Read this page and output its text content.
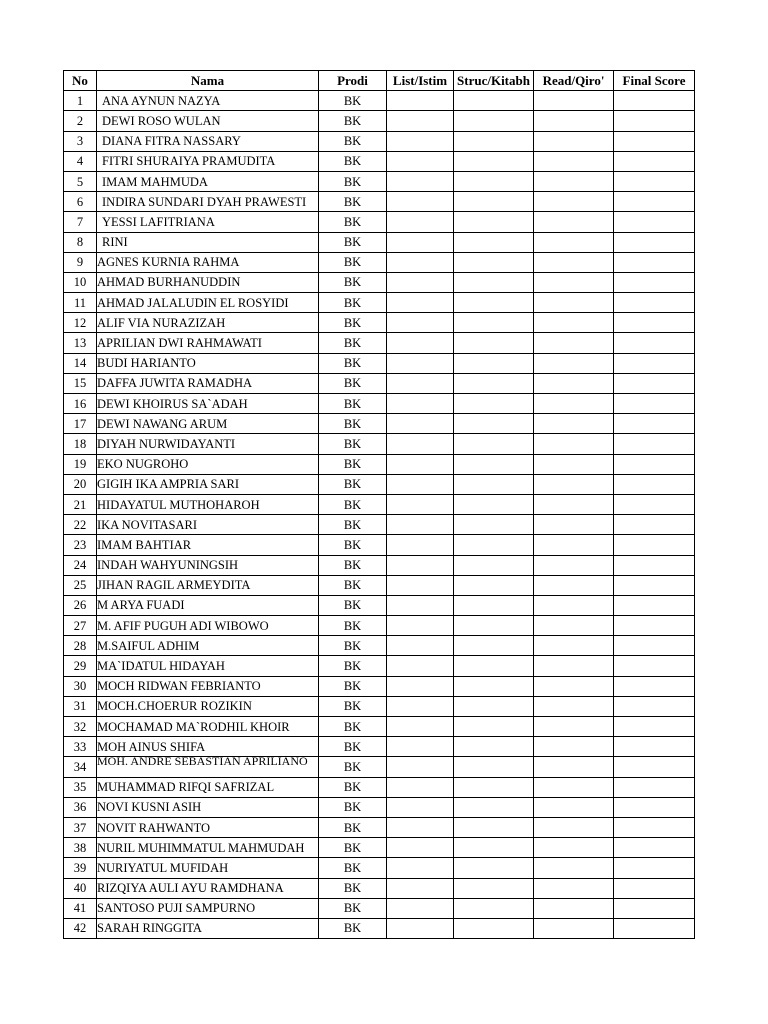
No	Nama	Prodi	List/Istim	Struc/Kitabh	Read/Qiro'	Final Score
1	ANA AYNUN NAZYA	BK				
2	DEWI ROSO WULAN	BK				
3	DIANA FITRA NASSARY	BK				
4	FITRI SHURAIYA PRAMUDITA	BK				
5	IMAM MAHMUDA	BK				
6	INDIRA SUNDARI DYAH PRAWESTI	BK				
7	YESSI LAFITRIANA	BK				
8	RINI	BK				
9	AGNES KURNIA RAHMA	BK				
10	AHMAD BURHANUDDIN	BK				
11	AHMAD JALALUDIN EL ROSYIDI	BK				
12	ALIF VIA NURAZIZAH	BK				
13	APRILIAN DWI RAHMAWATI	BK				
14	BUDI HARIANTO	BK				
15	DAFFA JUWITA RAMADHA	BK				
16	DEWI KHOIRUS SA`ADAH	BK				
17	DEWI NAWANG ARUM	BK				
18	DIYAH NURWIDAYANTI	BK				
19	EKO NUGROHO	BK				
20	GIGIH IKA AMPRIA SARI	BK				
21	HIDAYATUL MUTHOHAROH	BK				
22	IKA NOVITASARI	BK				
23	IMAM BAHTIAR	BK				
24	INDAH WAHYUNINGSIH	BK				
25	JIHAN RAGIL ARMEYDITA	BK				
26	M ARYA FUADI	BK				
27	M. AFIF PUGUH ADI WIBOWO	BK				
28	M.SAIFUL ADHIM	BK				
29	MA`IDATUL HIDAYAH	BK				
30	MOCH RIDWAN FEBRIANTO	BK				
31	MOCH.CHOERUR ROZIKIN	BK				
32	MOCHAMAD MA`RODHIL KHOIR	BK				
33	MOH AINUS SHIFA	BK				
34	MOH. ANDRE SEBASTIAN APRILIANO	BK				
35	MUHAMMAD RIFQI SAFRIZAL	BK				
36	NOVI KUSNI ASIH	BK				
37	NOVIT RAHWANTO	BK				
38	NURIL MUHIMMATUL MAHMUDAH	BK				
39	NURIYATUL MUFIDAH	BK				
40	RIZQIYA AULI AYU RAMDHANA	BK				
41	SANTOSO PUJI SAMPURNO	BK				
42	SARAH RINGGITA	BK				
